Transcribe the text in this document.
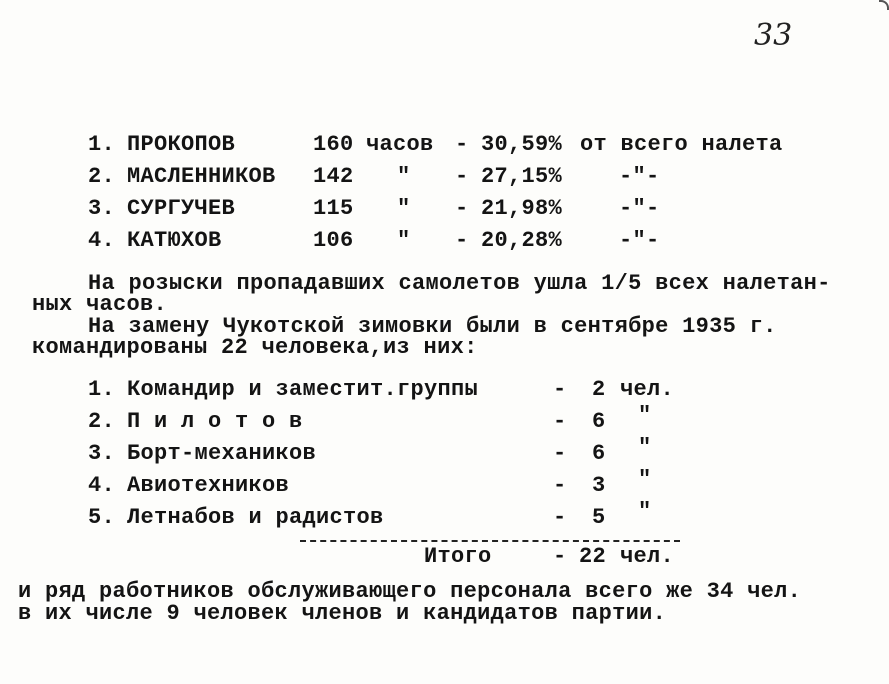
33
1. ПРОКОПОВ	160 часов - 30,59% от всего налета
2. МАСЛЕННИКОВ 142 " - 27,15%	-"-
3. СУРГУЧЕВ	115 " - 21,98%	-"-
4. КАТЮХОВ	106 " - 20,28%	-"-
На розыски пропадавших самолетов ушла 1/5 всех налетан-
ных часов.
На замену Чукотской зимовки были в сентябре 1935 г.
командированы 22 человека,из них:
1. Командир и заместит.группы	- 2 чел.
2. П и л о т о в	- 6 "
3. Борт-механиков	- 6 "
4. Авиотехников	- 3 "
5. Летнабов и радистов	- 5 "
Итого	- 22 чел.
и ряд работников обслуживающего персонала всего же 34 чел.
в их числе 9 человек членов и кандидатов партии.
